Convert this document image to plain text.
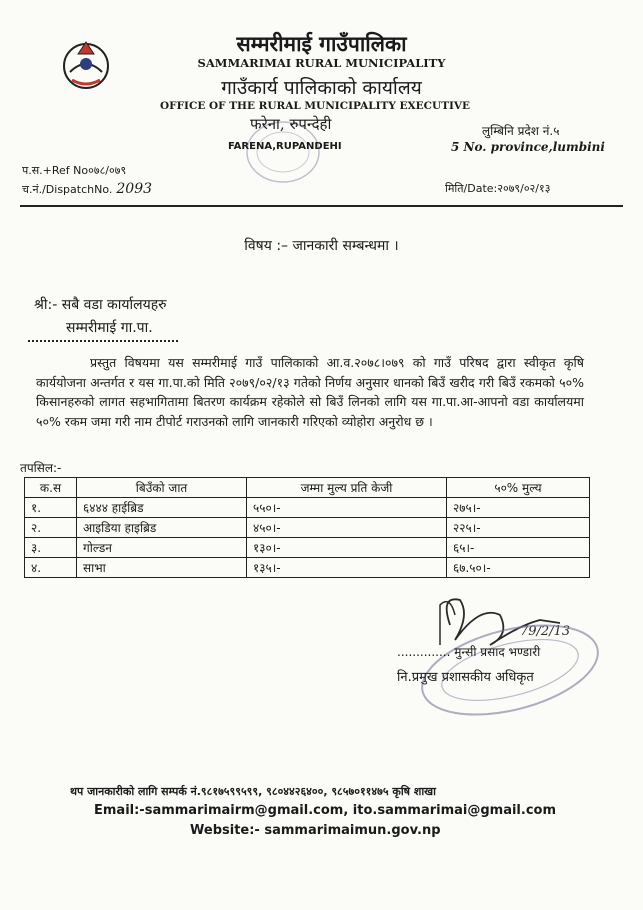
सम्मरीमाई गाउँपालिका
SAMMARIMAI RURAL MUNICIPALITY
गाउँकार्य पालिकाको कार्यालय
OFFICE OF THE RURAL MUNICIPALITY EXECUTIVE
फरेना, रुपन्देही
FARENA,RUPANDEHI
लुम्बिनि प्रदेश नं.५
5 No. province,lumbini
प.स.+Ref No०७८/०७९
च.नं./DispatchNo. 2093	मिति/Date:२०७९/०२/१३
विषय :– जानकारी सम्बन्धमा ।
श्री:- सबै वडा कार्यालयहरु
सम्मरीमाई गा.पा.
प्रस्तुत विषयमा यस सम्मरीमाई गाउँ पालिकाको आ.व.२०७८।०७९ को गाउँ परिषद द्वारा स्वीकृत कृषि कार्ययोजना अन्तर्गत र यस गा.पा.को मिति २०७९/०२/१३ गतेको निर्णय अनुसार धानको बिउँ खरीद गरी बिउँ रकमको ५०% किसानहरुको लागत सहभागितामा बितरण कार्यक्रम रहेकोले सो बिउँ लिनको लागि यस गा.पा.आ-आपनो वडा कार्यालयमा ५०% रकम जमा गरी नाम टीपोर्ट गराउनको लागि जानकारी गरिएको व्योहोरा अनुरोध छ ।
तपसिल:-
क.स	बिउँको जात	जम्मा मुल्य प्रति केजी	५०% मुल्य
१.	६४४४ हाईब्रिड	५५०।-	२७५।-
२.	आइडिया हाइब्रिड	४५०।-	२२५।-
३.	गोल्डन	१३०।-	६५।-
४.	साभा	१३५।-	६७.५०।-
79/2/13
.............. मुन्सी प्रसाद भण्डारी
नि.प्रमुख प्रशासकीय अधिकृत
थप जानकारीको लागि सम्पर्क नं.९८१७५९९५९९, ९८०४४२६४००, ९८५७०११४७५ कृषि शाखा
Email:-sammarimairm@gmail.com, ito.sammarimai@gmail.com
Website:- sammarimaimun.gov.np
